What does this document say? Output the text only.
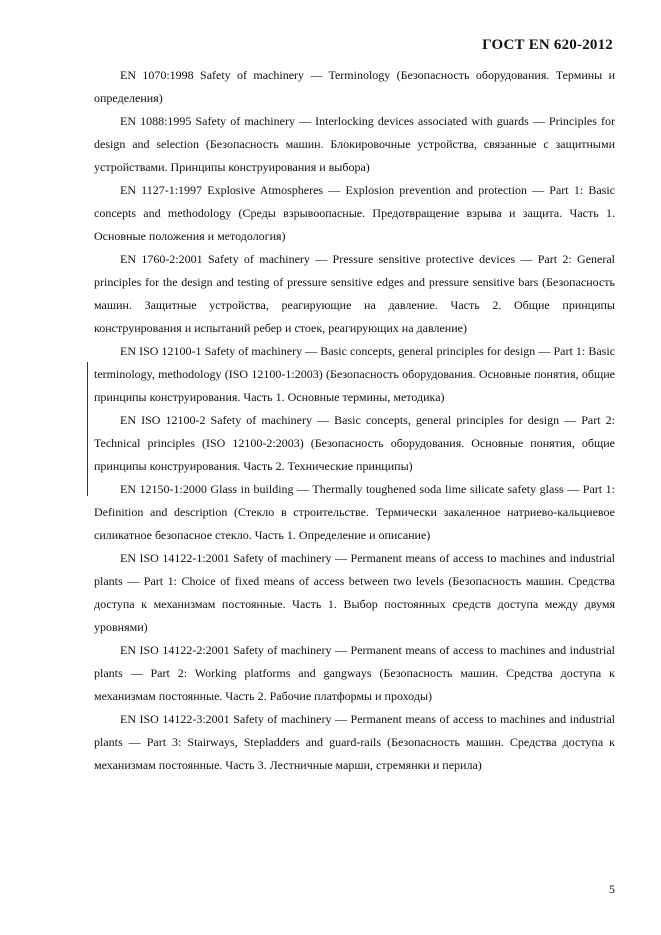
ГОСТ EN 620-2012

EN 1070:1998 Safety of machinery — Terminology (Безопасность оборудования. Термины и определения)

EN 1088:1995 Safety of machinery — Interlocking devices associated with guards — Principles for design and selection (Безопасность машин. Блокировочные устройства, связанные с защитными устройствами. Принципы конструирования и выбора)

EN 1127-1:1997 Explosive Atmospheres — Explosion prevention and protection — Part 1: Basic concepts and methodology (Среды взрывоопасные. Предотвращение взрыва и защита. Часть 1. Основные положения и методология)

EN 1760-2:2001 Safety of machinery — Pressure sensitive protective devices — Part 2: General principles for the design and testing of pressure sensitive edges and pressure sensitive bars (Безопасность машин. Защитные устройства, реагирующие на давление. Часть 2. Общие принципы конструирования и испытаний ребер и стоек, реагирующих на давление)

EN ISO 12100-1 Safety of machinery — Basic concepts, general principles for design — Part 1: Basic terminology, methodology (ISO 12100-1:2003) (Безопасность оборудования. Основные понятия, общие принципы конструирования. Часть 1. Основные термины, методика)

EN ISO 12100-2 Safety of machinery — Basic concepts, general principles for design — Part 2: Technical principles (ISO 12100-2:2003) (Безопасность оборудования. Основные понятия, общие принципы конструирования. Часть 2. Технические принципы)

EN 12150-1:2000 Glass in building — Thermally toughened soda lime silicate safety glass — Part 1: Definition and description (Стекло в строительстве. Термически закаленное натриево-кальциевое силикатное безопасное стекло. Часть 1. Определение и описание)

EN ISO 14122-1:2001 Safety of machinery — Permanent means of access to machines and industrial plants — Part 1: Choice of fixed means of access between two levels (Безопасность машин. Средства доступа к механизмам постоянные. Часть 1. Выбор постоянных средств доступа между двумя уровнями)

EN ISO 14122-2:2001 Safety of machinery — Permanent means of access to machines and industrial plants — Part 2: Working platforms and gangways (Безопасность машин. Средства доступа к механизмам постоянные. Часть 2. Рабочие платформы и проходы)

EN ISO 14122-3:2001 Safety of machinery — Permanent means of access to machines and industrial plants — Part 3: Stairways, Stepladders and guard-rails (Безопасность машин. Средства доступа к механизмам постоянные. Часть 3. Лестничные марши, стремянки и перила)

5
